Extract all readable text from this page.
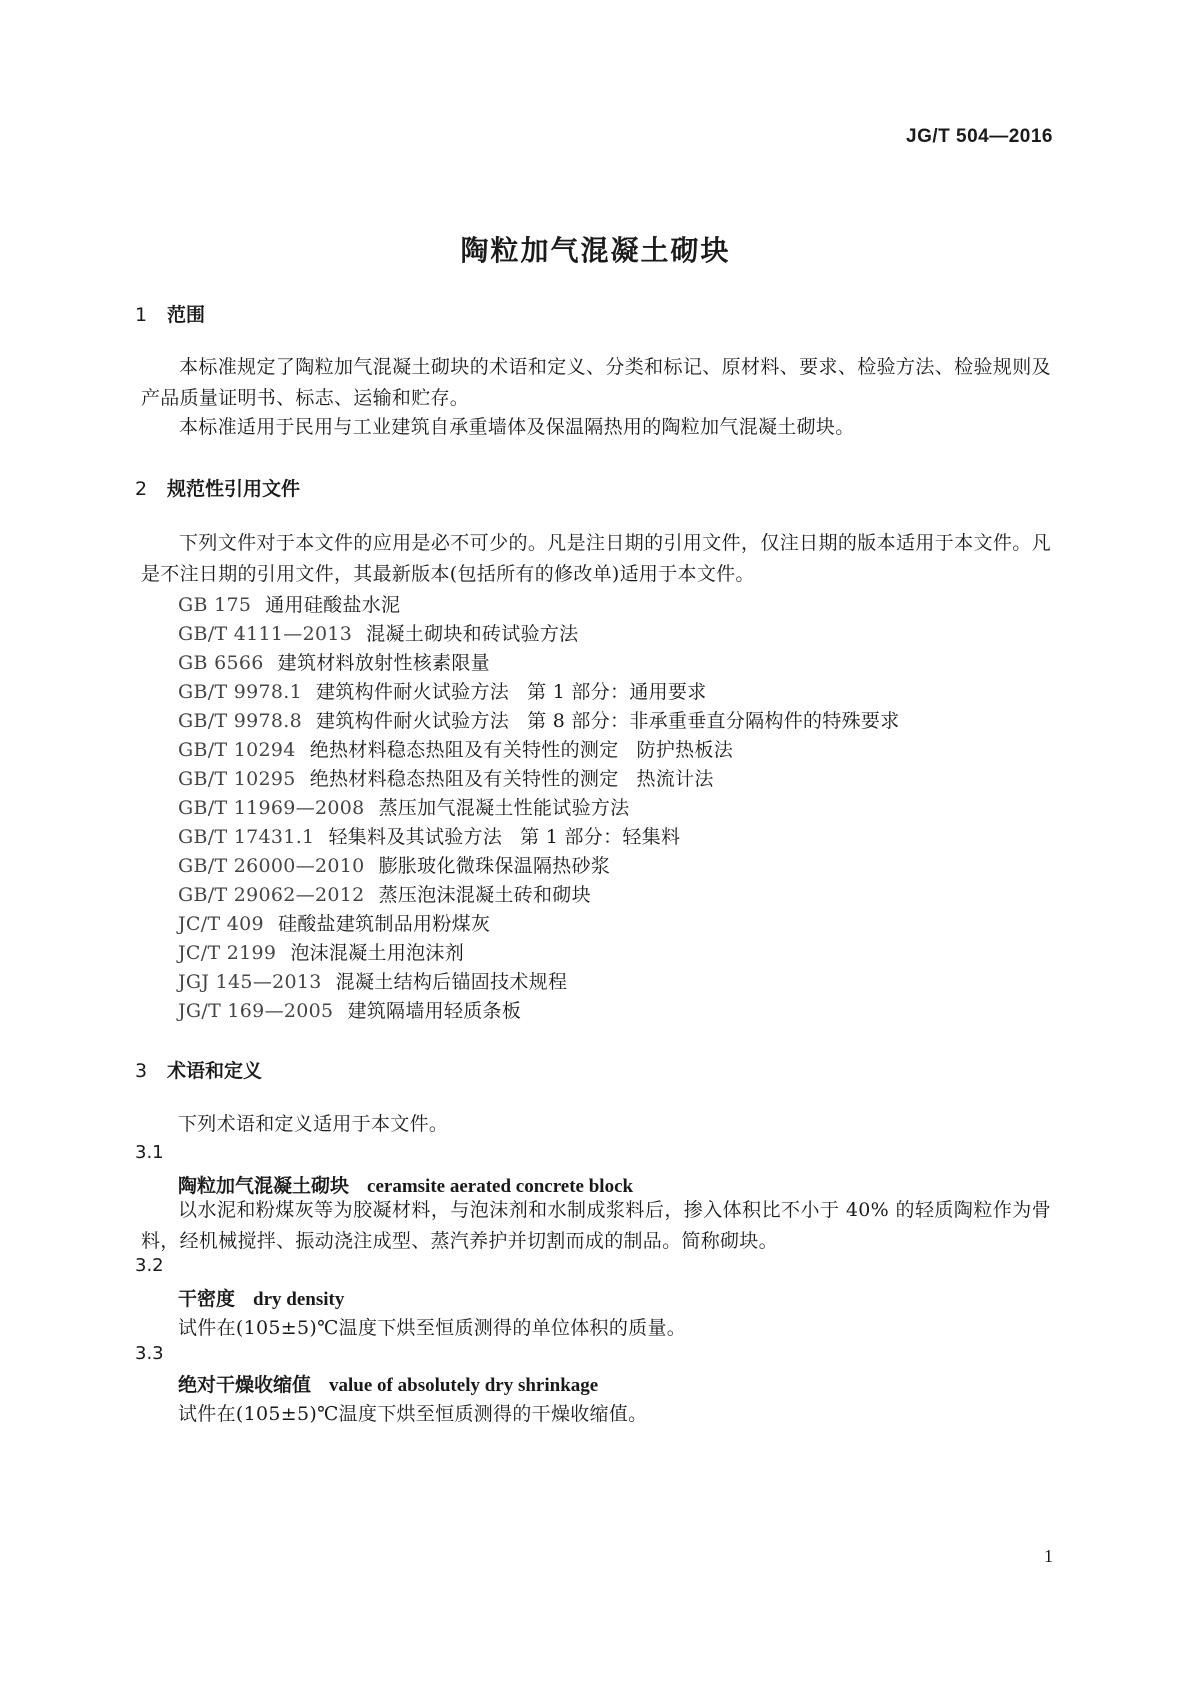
JG/T 504—2016
陶粒加气混凝土砌块
1 范围
本标准规定了陶粒加气混凝土砌块的术语和定义、分类和标记、原材料、要求、检验方法、检验规则及产品质量证明书、标志、运输和贮存。
本标准适用于民用与工业建筑自承重墙体及保温隔热用的陶粒加气混凝土砌块。
2 规范性引用文件
下列文件对于本文件的应用是必不可少的。凡是注日期的引用文件，仅注日期的版本适用于本文件。凡是不注日期的引用文件，其最新版本(包括所有的修改单)适用于本文件。
GB 175 通用硅酸盐水泥
GB/T 4111—2013 混凝土砌块和砖试验方法
GB 6566 建筑材料放射性核素限量
GB/T 9978.1 建筑构件耐火试验方法 第 1 部分：通用要求
GB/T 9978.8 建筑构件耐火试验方法 第 8 部分：非承重垂直分隔构件的特殊要求
GB/T 10294 绝热材料稳态热阻及有关特性的测定 防护热板法
GB/T 10295 绝热材料稳态热阻及有关特性的测定 热流计法
GB/T 11969—2008 蒸压加气混凝土性能试验方法
GB/T 17431.1 轻集料及其试验方法 第 1 部分：轻集料
GB/T 26000—2010 膨胀玻化微珠保温隔热砂浆
GB/T 29062—2012 蒸压泡沫混凝土砖和砌块
JC/T 409 硅酸盐建筑制品用粉煤灰
JC/T 2199 泡沫混凝土用泡沫剂
JGJ 145—2013 混凝土结构后锚固技术规程
JG/T 169—2005 建筑隔墙用轻质条板
3 术语和定义
下列术语和定义适用于本文件。
3.1
陶粒加气混凝土砌块 ceramsite aerated concrete block
以水泥和粉煤灰等为胶凝材料，与泡沫剂和水制成浆料后，掺入体积比不小于 40% 的轻质陶粒作为骨料，经机械搅拌、振动浇注成型、蒸汽养护并切割而成的制品。简称砌块。
3.2
干密度 dry density
试件在(105±5)℃温度下烘至恒质测得的单位体积的质量。
3.3
绝对干燥收缩值 value of absolutely dry shrinkage
试件在(105±5)℃温度下烘至恒质测得的干燥收缩值。
1
